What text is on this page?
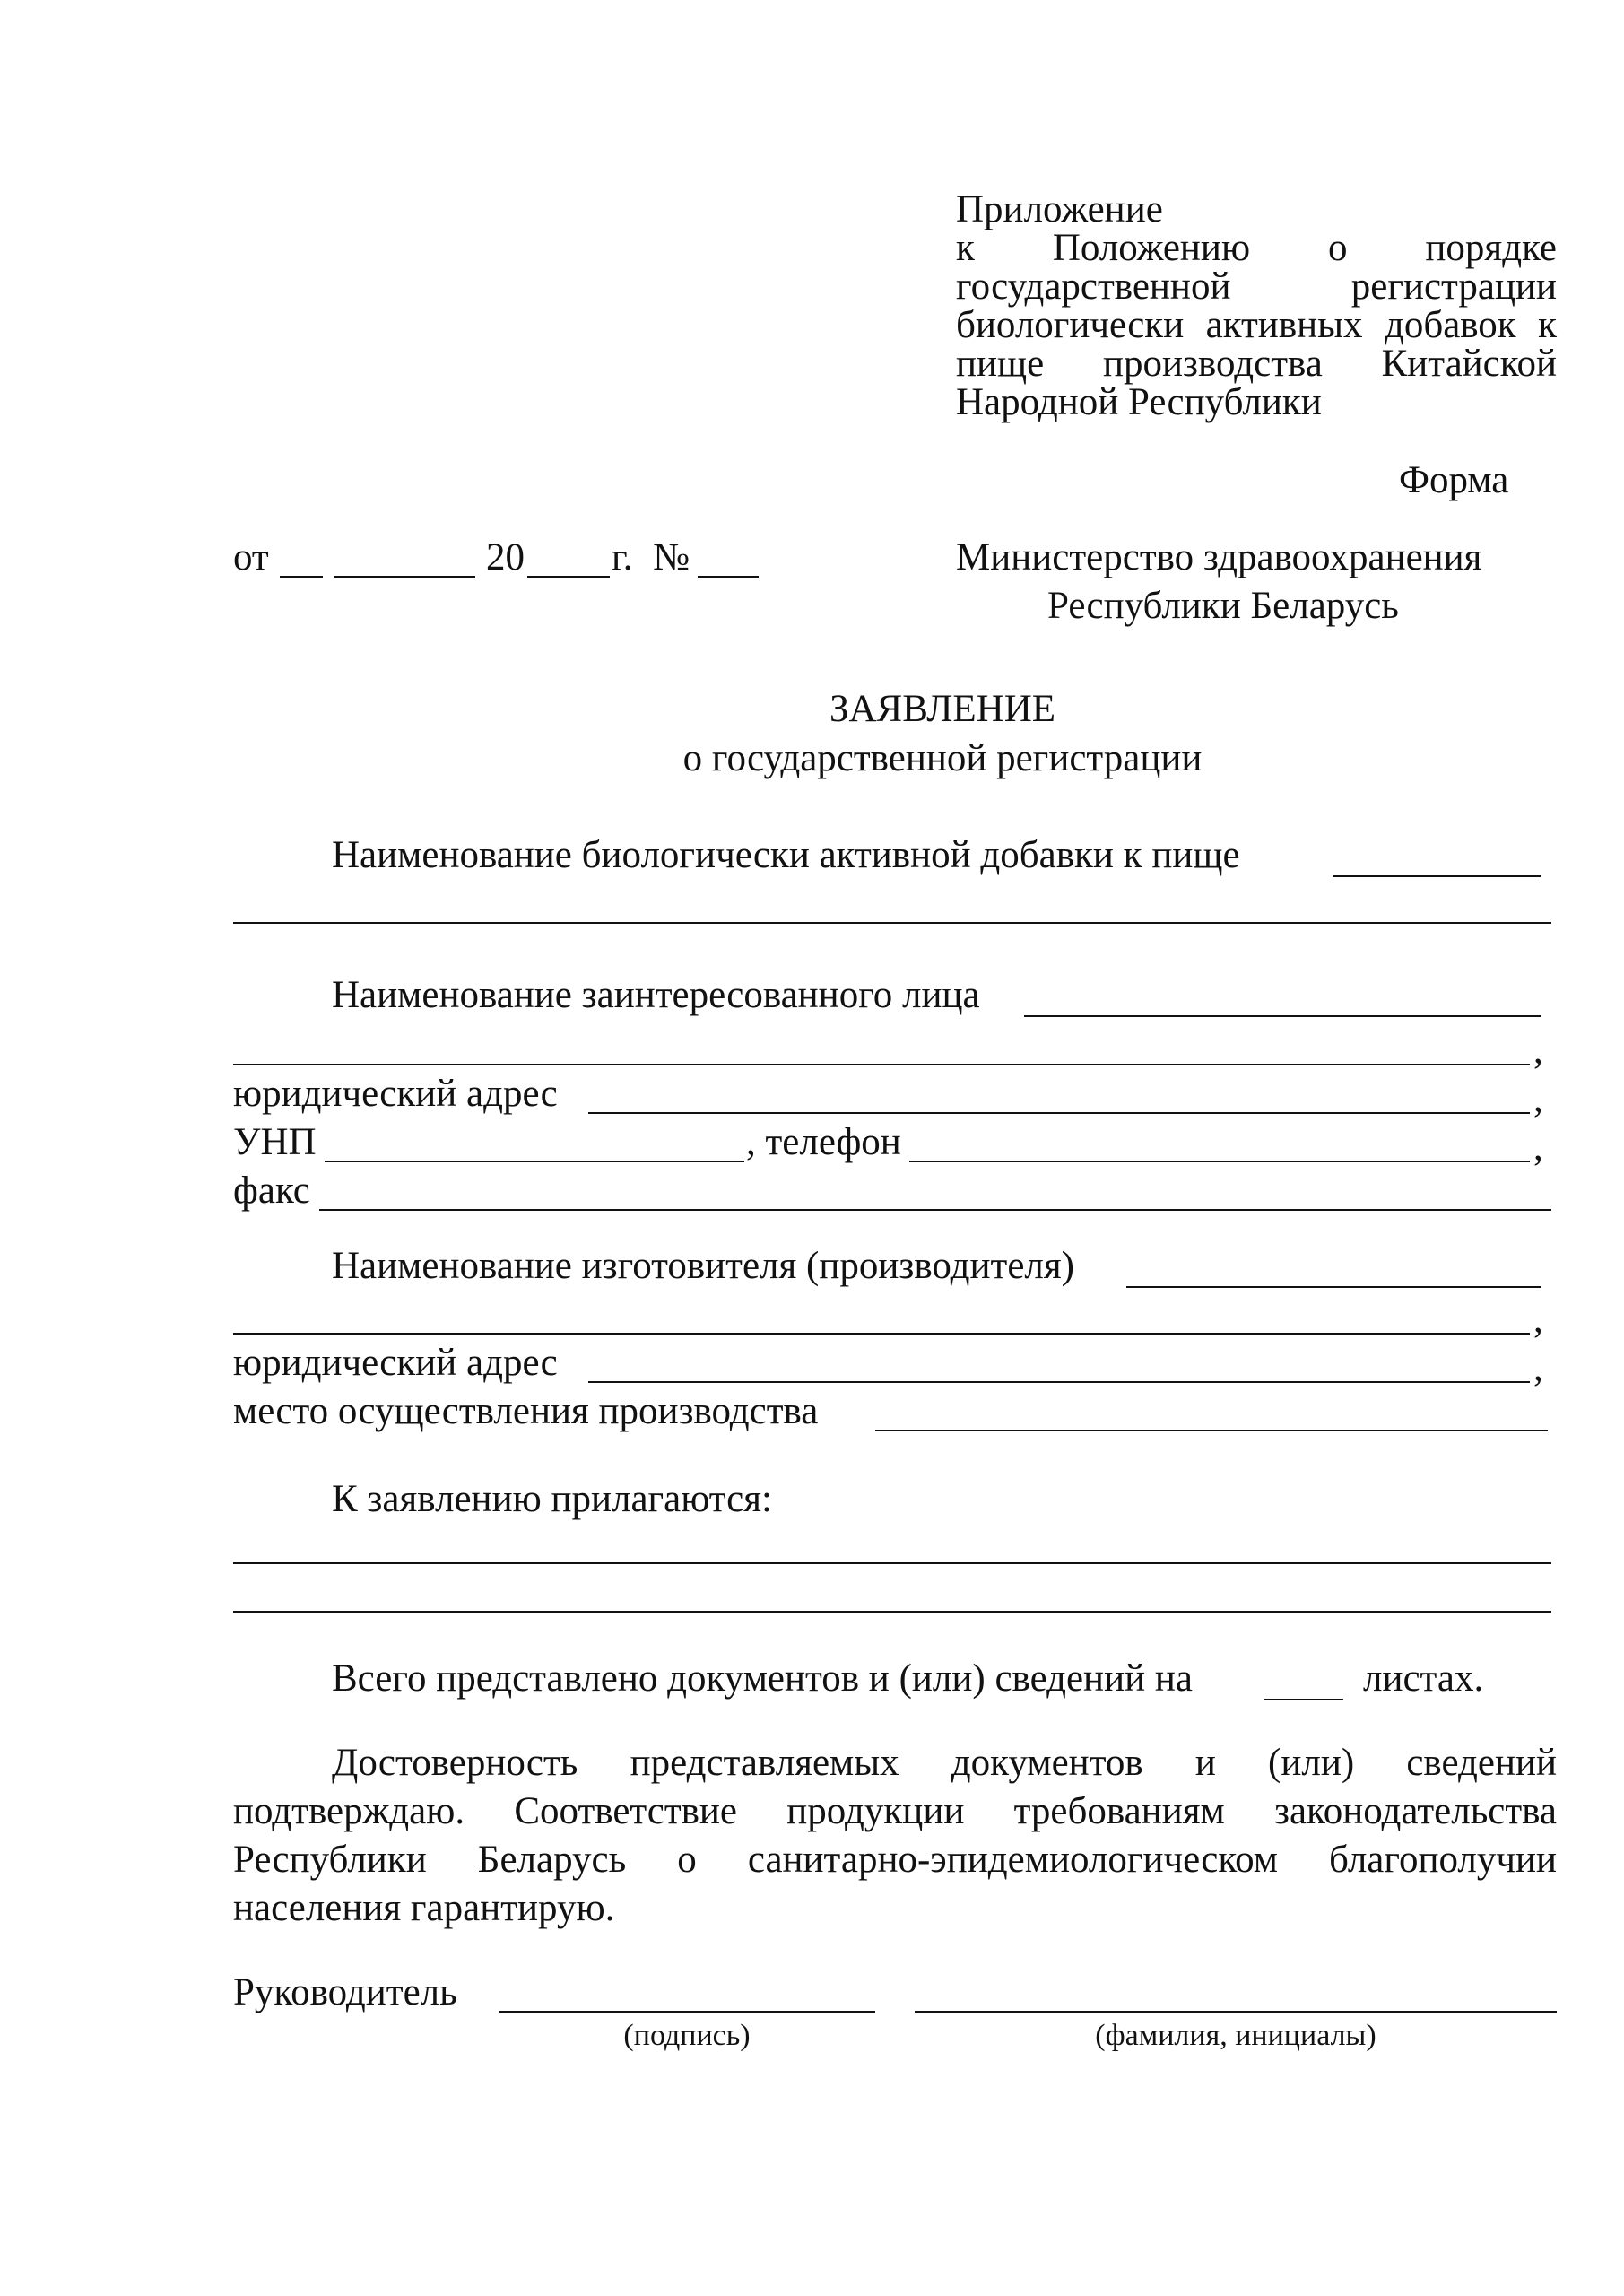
Приложение
к Положению о порядке
государственной регистрации
биологически активных добавок к
пище производства Китайской
Народной Республики
Форма
от	20 г. №	Министерство здравоохранения
Республики Беларусь
ЗАЯВЛЕНИЕ
о государственной регистрации
Наименование биологически активной добавки к пище
Наименование заинтересованного лица
,
юридический адрес	,
УНП	, телефон	,
факс
Наименование изготовителя (производителя)
,
юридический адрес	,
место осуществления производства
К заявлению прилагаются:
Всего представлено документов и (или) сведений на	листах.
Достоверность представляемых документов и (или) сведений
подтверждаю. Соответствие продукции требованиям законодательства
Республики Беларусь о санитарно-эпидемиологическом благополучии
населения гарантирую.
Руководитель
(подпись)	(фамилия, инициалы)
